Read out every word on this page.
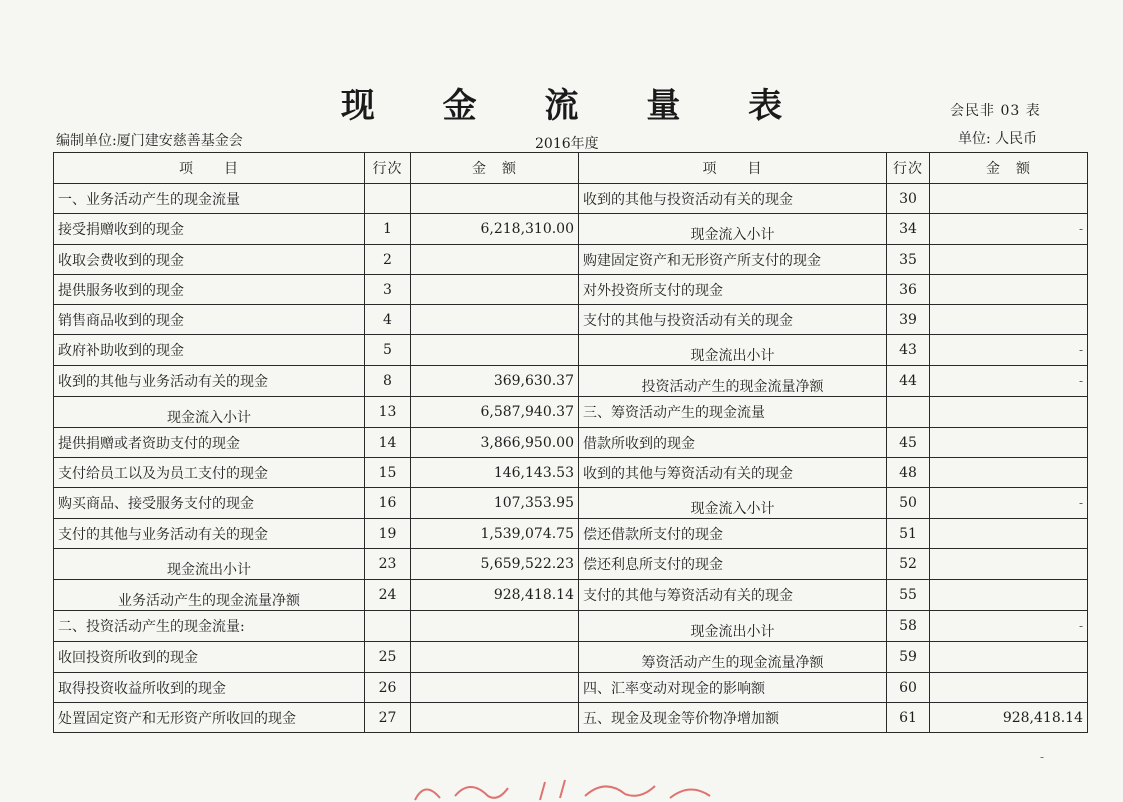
现 金 流 量 表	会民非 03 表
编制单位:厦门建安慈善基金会	2016年度	单位: 人民币
项　　目	行次	金　额	项　　目	行次	金　额
一、业务活动产生的现金流量			收到的其他与投资活动有关的现金	30	
接受捐赠收到的现金	1	6,218,310.00	现金流入小计	34	-
收取会费收到的现金	2		购建固定资产和无形资产所支付的现金	35	
提供服务收到的现金	3		对外投资所支付的现金	36	
销售商品收到的现金	4		支付的其他与投资活动有关的现金	39	
政府补助收到的现金	5		现金流出小计	43	-
收到的其他与业务活动有关的现金	8	369,630.37	投资活动产生的现金流量净额	44	-
现金流入小计	13	6,587,940.37	三、筹资活动产生的现金流量		
提供捐赠或者资助支付的现金	14	3,866,950.00	借款所收到的现金	45	
支付给员工以及为员工支付的现金	15	146,143.53	收到的其他与筹资活动有关的现金	48	
购买商品、接受服务支付的现金	16	107,353.95	现金流入小计	50	-
支付的其他与业务活动有关的现金	19	1,539,074.75	偿还借款所支付的现金	51	
现金流出小计	23	5,659,522.23	偿还利息所支付的现金	52	
业务活动产生的现金流量净额	24	928,418.14	支付的其他与筹资活动有关的现金	55	
二、投资活动产生的现金流量:			现金流出小计	58	-
收回投资所收到的现金	25		筹资活动产生的现金流量净额	59	
取得投资收益所收到的现金	26		四、汇率变动对现金的影响额	60	
处置固定资产和无形资产所收回的现金	27		五、现金及现金等价物净增加额	61	928,418.14
-
